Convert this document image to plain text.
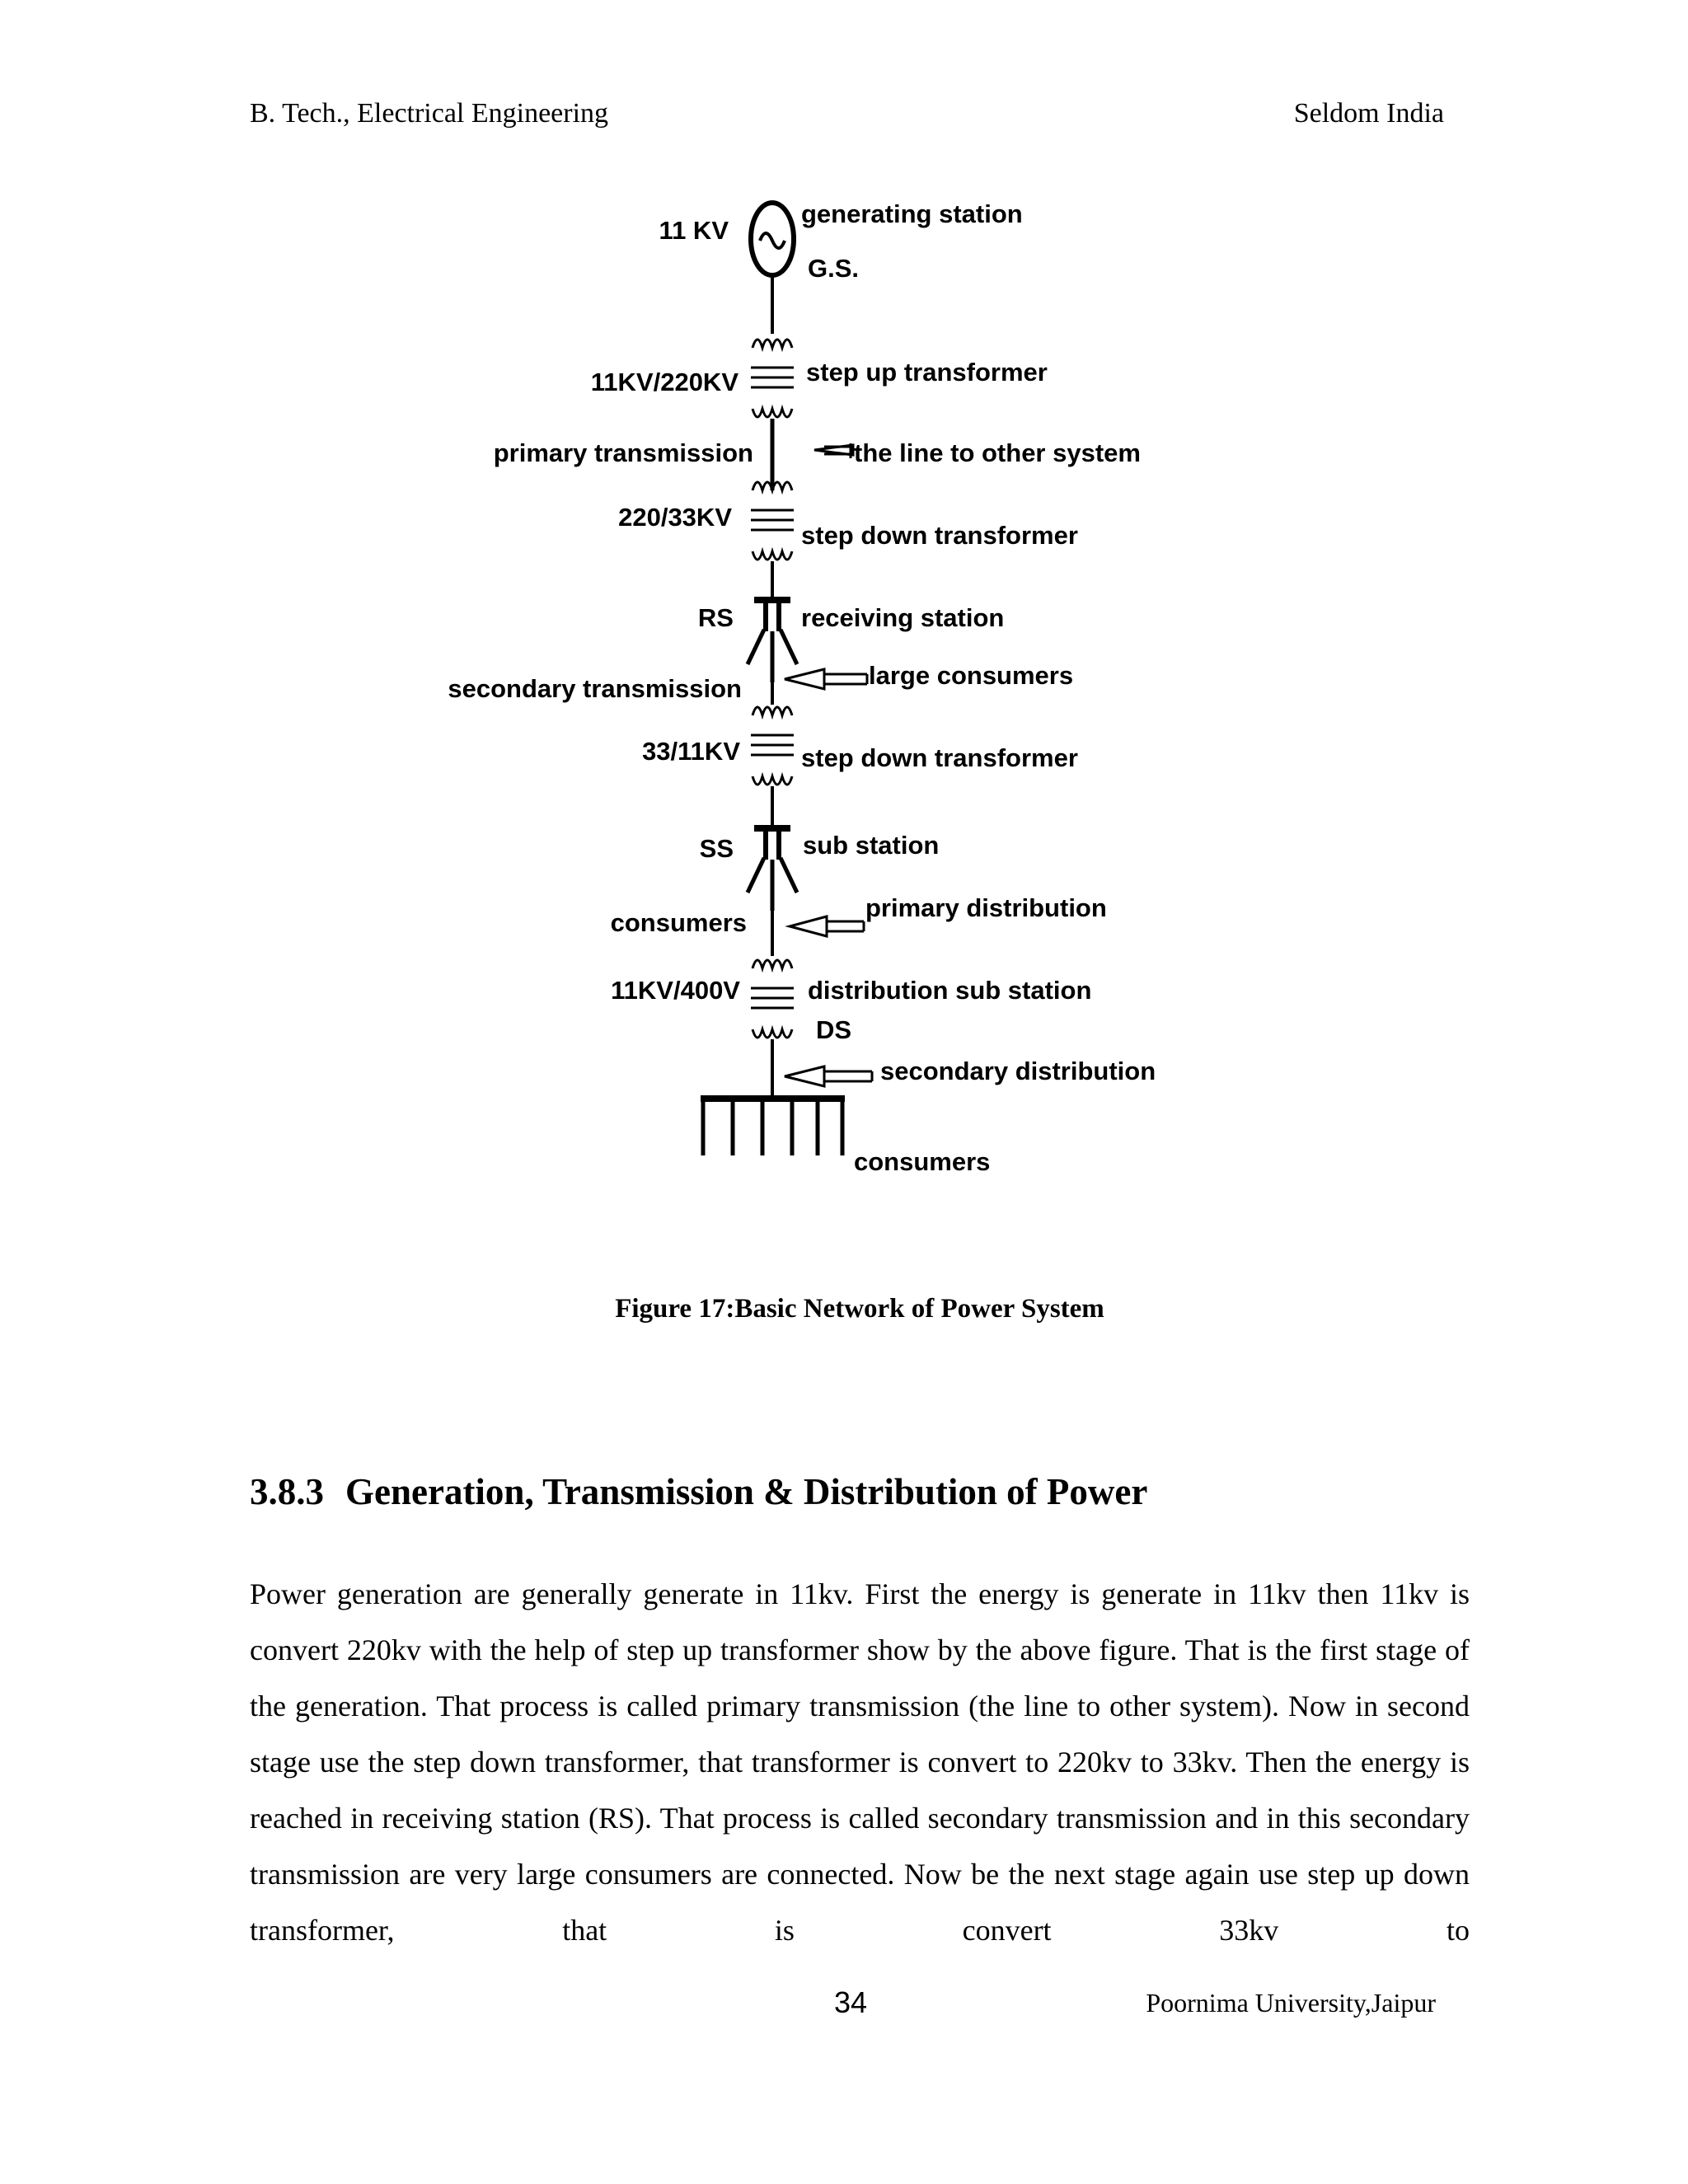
B. Tech., Electrical Engineering	Seldom India
11 KV
generating station
G.S.
11KV/220KV	step up transformer
primary transmission	the line to other system
220/33KV
step down transformer
RS	receiving station
secondary transmission	large consumers
33/11KV step down transformer
SS	sub station
consumers
primary distribution
11KV/400V	distribution sub station
DS
secondary distribution
consumers
Figure 17:Basic Network of Power System
3.8.3 Generation, Transmission & Distribution of Power

Power generation are generally generate in 11kv. First the energy is generate in 11kv then 11kv is convert 220kv with the help of step up transformer show by the above figure. That is the first stage of the generation. That process is called primary transmission (the line to other system). Now in second stage use the step down transformer, that transformer is convert to 220kv to 33kv. Then the energy is reached in receiving station (RS). That process is called secondary transmission and in this secondary transmission are very large consumers are connected. Now be the next stage again use step up down transformer, that is convert 33kv to

34	Poornima University,Jaipur
